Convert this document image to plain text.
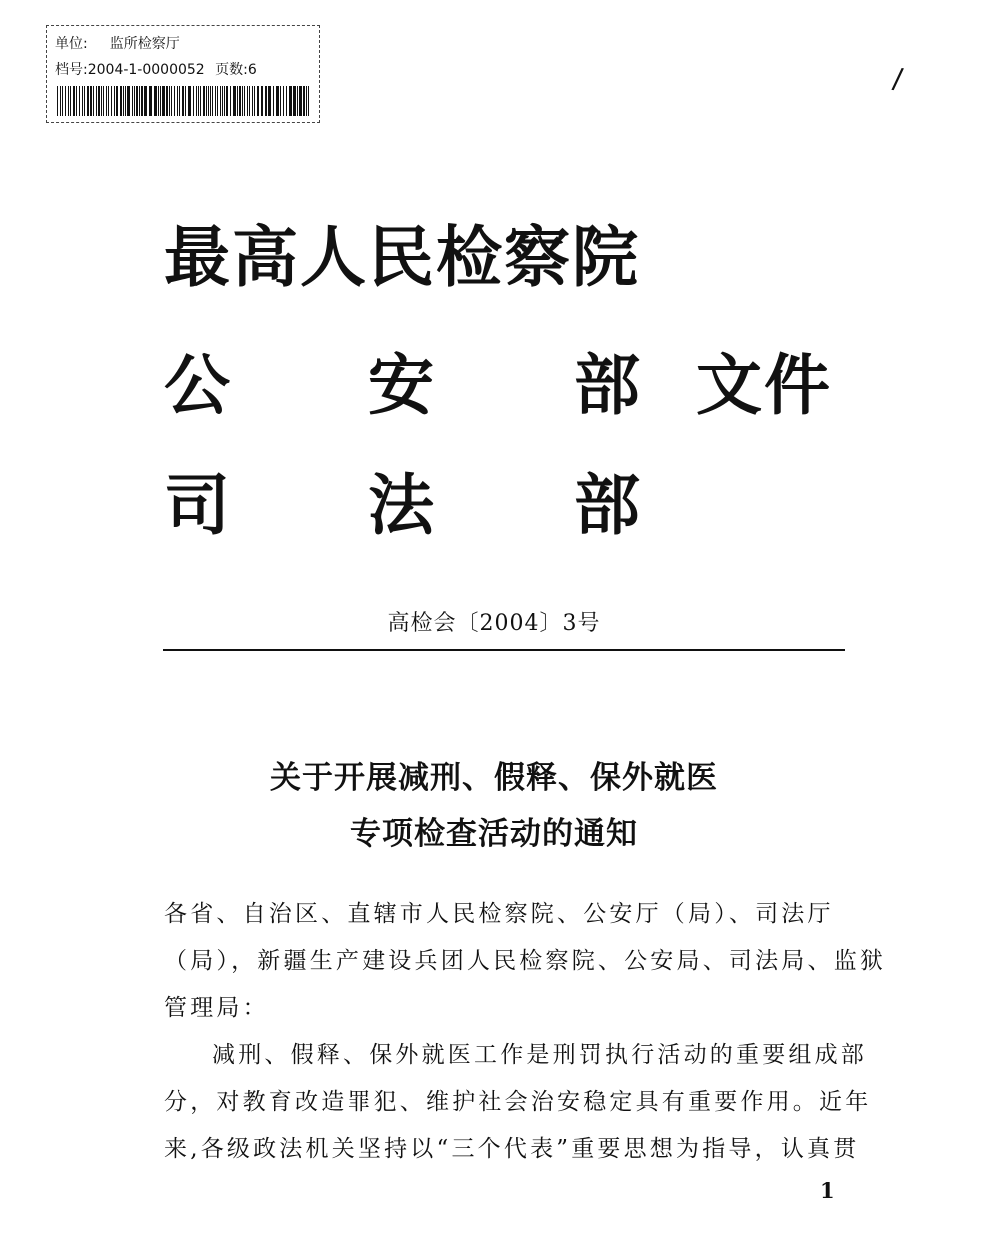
单位: 监所检察厅
档号:2004-1-0000052 页数:6	/
最高人民检察院
公 安 部 文件
司 法 部
高检会〔2004〕3号
关于开展减刑、假释、保外就医
专项检查活动的通知
各省、自治区、直辖市人民检察院、公安厅（局）、司法厅
（局），新疆生产建设兵团人民检察院、公安局、司法局、监狱
管理局：
减刑、假释、保外就医工作是刑罚执行活动的重要组成部
分，对教育改造罪犯、维护社会治安稳定具有重要作用。近年
来,各级政法机关坚持以“三个代表”重要思想为指导，认真贯
1
